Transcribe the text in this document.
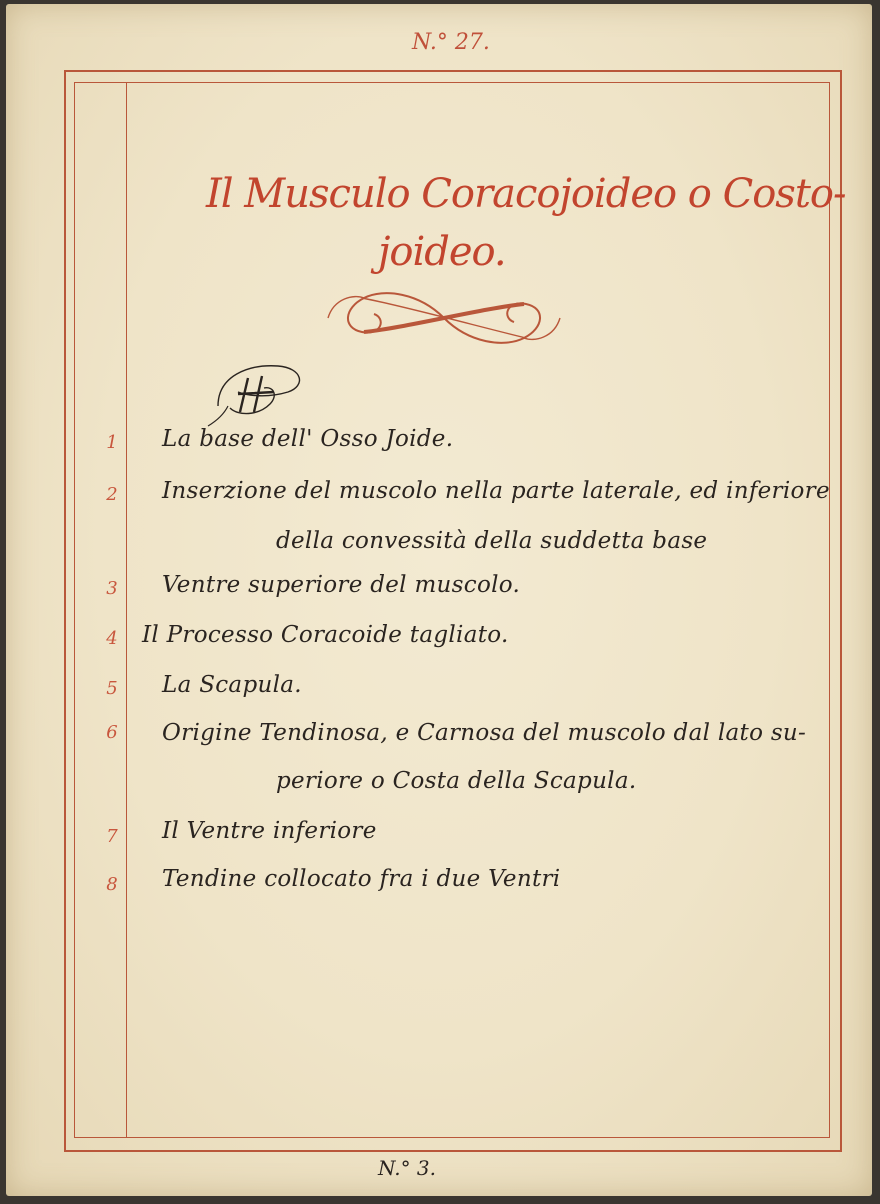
N.° 27.
Il Musculo Coracojoideo o Costo-
joideo.
1 La base dell' Osso Joide.
2 Inserzione del muscolo nella parte laterale, ed inferiore
della convessità della suddetta base
3 Ventre superiore del muscolo.
4 Il Processo Coracoide tagliato.
5 La Scapula.
6 Origine Tendinosa, e Carnosa del muscolo dal lato su-
periore o Costa della Scapula.
7 Il Ventre inferiore
8 Tendine collocato fra i due Ventri
N.° 3.
